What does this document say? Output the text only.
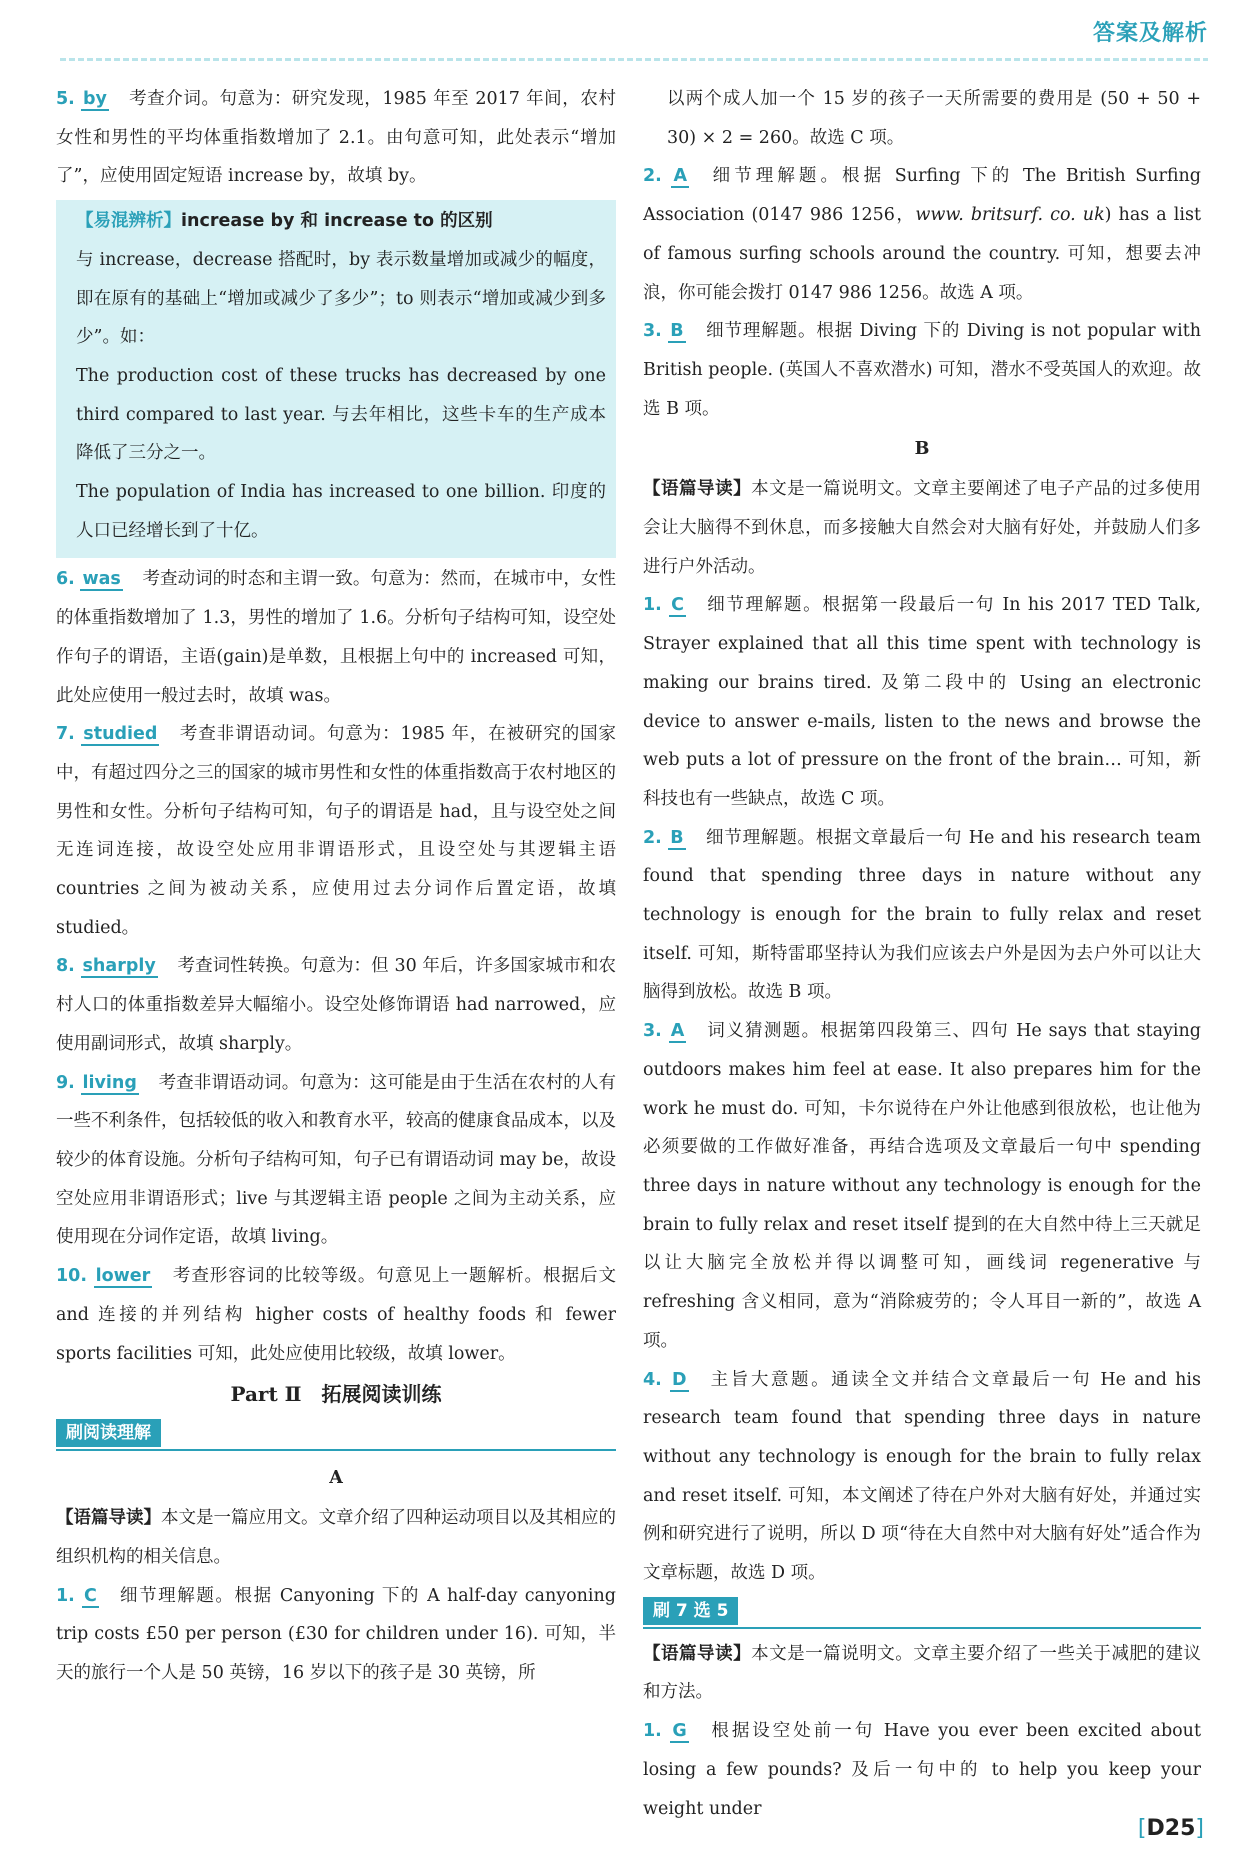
答案及解析

5. by 考查介词。句意为：研究发现，1985 年至 2017 年间，农村女性和男性的平均体重指数增加了 2.1。由句意可知，此处表示“增加了”，应使用固定短语 increase by，故填 by。

【易混辨析】increase by 和 increase to 的区别
与 increase，decrease 搭配时，by 表示数量增加或减少的幅度，即在原有的基础上“增加或减少了多少”；to 则表示“增加或减少到多少”。如：
The production cost of these trucks has decreased by one third compared to last year. 与去年相比，这些卡车的生产成本降低了三分之一。
The population of India has increased to one billion. 印度的人口已经增长到了十亿。

6. was 考查动词的时态和主谓一致。句意为：然而，在城市中，女性的体重指数增加了 1.3，男性的增加了 1.6。分析句子结构可知，设空处作句子的谓语，主语(gain)是单数，且根据上句中的 increased 可知，此处应使用一般过去时，故填 was。

7. studied 考查非谓语动词。句意为：1985 年，在被研究的国家中，有超过四分之三的国家的城市男性和女性的体重指数高于农村地区的男性和女性。分析句子结构可知，句子的谓语是 had，且与设空处之间无连词连接，故设空处应用非谓语形式，且设空处与其逻辑主语 countries 之间为被动关系，应使用过去分词作后置定语，故填 studied。

8. sharply 考查词性转换。句意为：但 30 年后，许多国家城市和农村人口的体重指数差异大幅缩小。设空处修饰谓语 had narrowed，应使用副词形式，故填 sharply。

9. living 考查非谓语动词。句意为：这可能是由于生活在农村的人有一些不利条件，包括较低的收入和教育水平，较高的健康食品成本，以及较少的体育设施。分析句子结构可知，句子已有谓语动词 may be，故设空处应用非谓语形式；live 与其逻辑主语 people 之间为主动关系，应使用现在分词作定语，故填 living。

10. lower 考查形容词的比较等级。句意见上一题解析。根据后文 and 连接的并列结构 higher costs of healthy foods 和 fewer sports facilities 可知，此处应使用比较级，故填 lower。

Part Ⅱ　拓展阅读训练

刷阅读理解

A

【语篇导读】本文是一篇应用文。文章介绍了四种运动项目以及其相应的组织机构的相关信息。

1. C 细节理解题。根据 Canyoning 下的 A half-day canyoning trip costs £50 per person (£30 for children under 16). 可知，半天的旅行一个人是 50 英镑，16 岁以下的孩子是 30 英镑，所

以两个成人加一个 15 岁的孩子一天所需要的费用是 (50 + 50 + 30) × 2 = 260。故选 C 项。

2. A 细节理解题。根据 Surfing 下的 The British Surfing Association (0147 986 1256，www. britsurf. co. uk) has a list of famous surfing schools around the country. 可知，想要去冲浪，你可能会拨打 0147 986 1256。故选 A 项。

3. B 细节理解题。根据 Diving 下的 Diving is not popular with British people. (英国人不喜欢潜水) 可知，潜水不受英国人的欢迎。故选 B 项。

B

【语篇导读】本文是一篇说明文。文章主要阐述了电子产品的过多使用会让大脑得不到休息，而多接触大自然会对大脑有好处，并鼓励人们多进行户外活动。

1. C 细节理解题。根据第一段最后一句 In his 2017 TED Talk, Strayer explained that all this time spent with technology is making our brains tired. 及第二段中的 Using an electronic device to answer e-mails, listen to the news and browse the web puts a lot of pressure on the front of the brain… 可知，新科技也有一些缺点，故选 C 项。

2. B 细节理解题。根据文章最后一句 He and his research team found that spending three days in nature without any technology is enough for the brain to fully relax and reset itself. 可知，斯特雷耶坚持认为我们应该去户外是因为去户外可以让大脑得到放松。故选 B 项。

3. A 词义猜测题。根据第四段第三、四句 He says that staying outdoors makes him feel at ease. It also prepares him for the work he must do. 可知，卡尔说待在户外让他感到很放松，也让他为必须要做的工作做好准备，再结合选项及文章最后一句中 spending three days in nature without any technology is enough for the brain to fully relax and reset itself 提到的在大自然中待上三天就足以让大脑完全放松并得以调整可知，画线词 regenerative 与 refreshing 含义相同，意为“消除疲劳的；令人耳目一新的”，故选 A 项。

4. D 主旨大意题。通读全文并结合文章最后一句 He and his research team found that spending three days in nature without any technology is enough for the brain to fully relax and reset itself. 可知，本文阐述了待在户外对大脑有好处，并通过实例和研究进行了说明，所以 D 项“待在大自然中对大脑有好处”适合作为文章标题，故选 D 项。

刷 7 选 5

【语篇导读】本文是一篇说明文。文章主要介绍了一些关于减肥的建议和方法。

1. G 根据设空处前一句 Have you ever been excited about losing a few pounds? 及后一句中的 to help you keep your weight under

[D25]
